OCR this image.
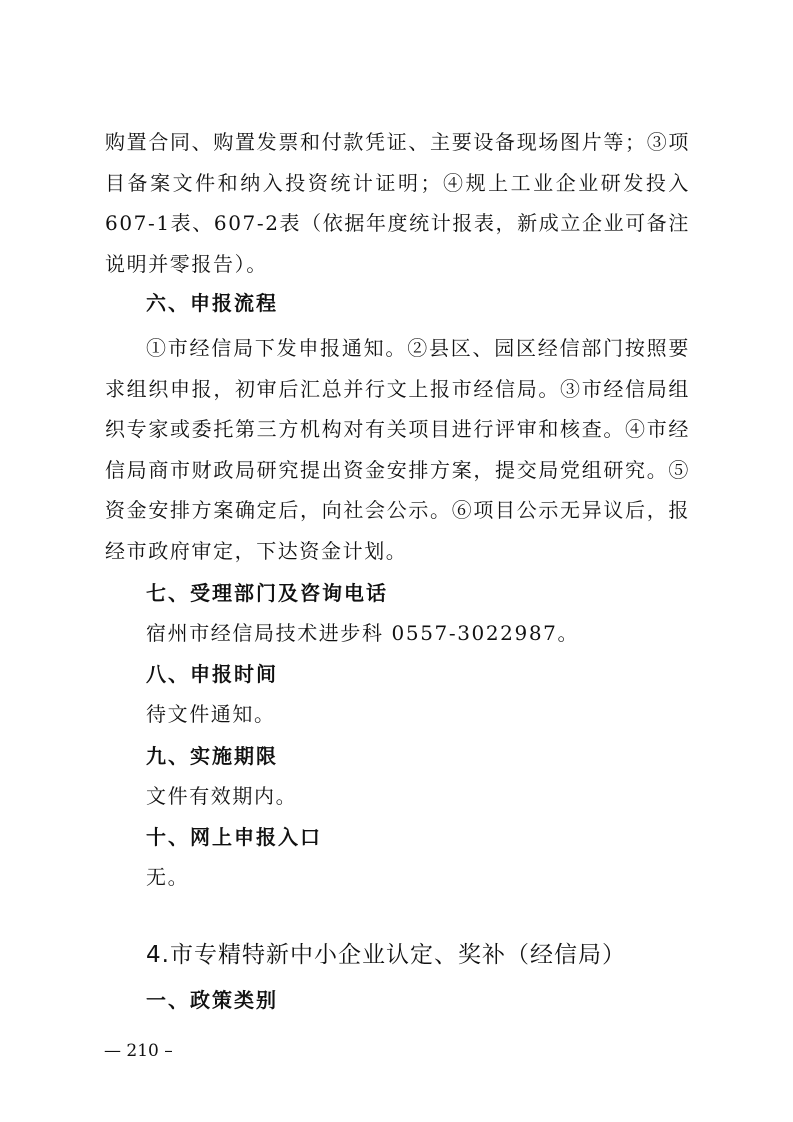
购置合同、购置发票和付款凭证、主要设备现场图片等；③项目备案文件和纳入投资统计证明；④规上工业企业研发投入607-1表、607-2表（依据年度统计报表，新成立企业可备注说明并零报告）。

六、申报流程

①市经信局下发申报通知。②县区、园区经信部门按照要求组织申报，初审后汇总并行文上报市经信局。③市经信局组织专家或委托第三方机构对有关项目进行评审和核查。④市经信局商市财政局研究提出资金安排方案，提交局党组研究。⑤资金安排方案确定后，向社会公示。⑥项目公示无异议后，报经市政府审定，下达资金计划。

七、受理部门及咨询电话

宿州市经信局技术进步科 0557-3022987。

八、申报时间

待文件通知。

九、实施期限

文件有效期内。

十、网上申报入口

无。

4.市专精特新中小企业认定、奖补（经信局）

一、政策类别

— 210 –
